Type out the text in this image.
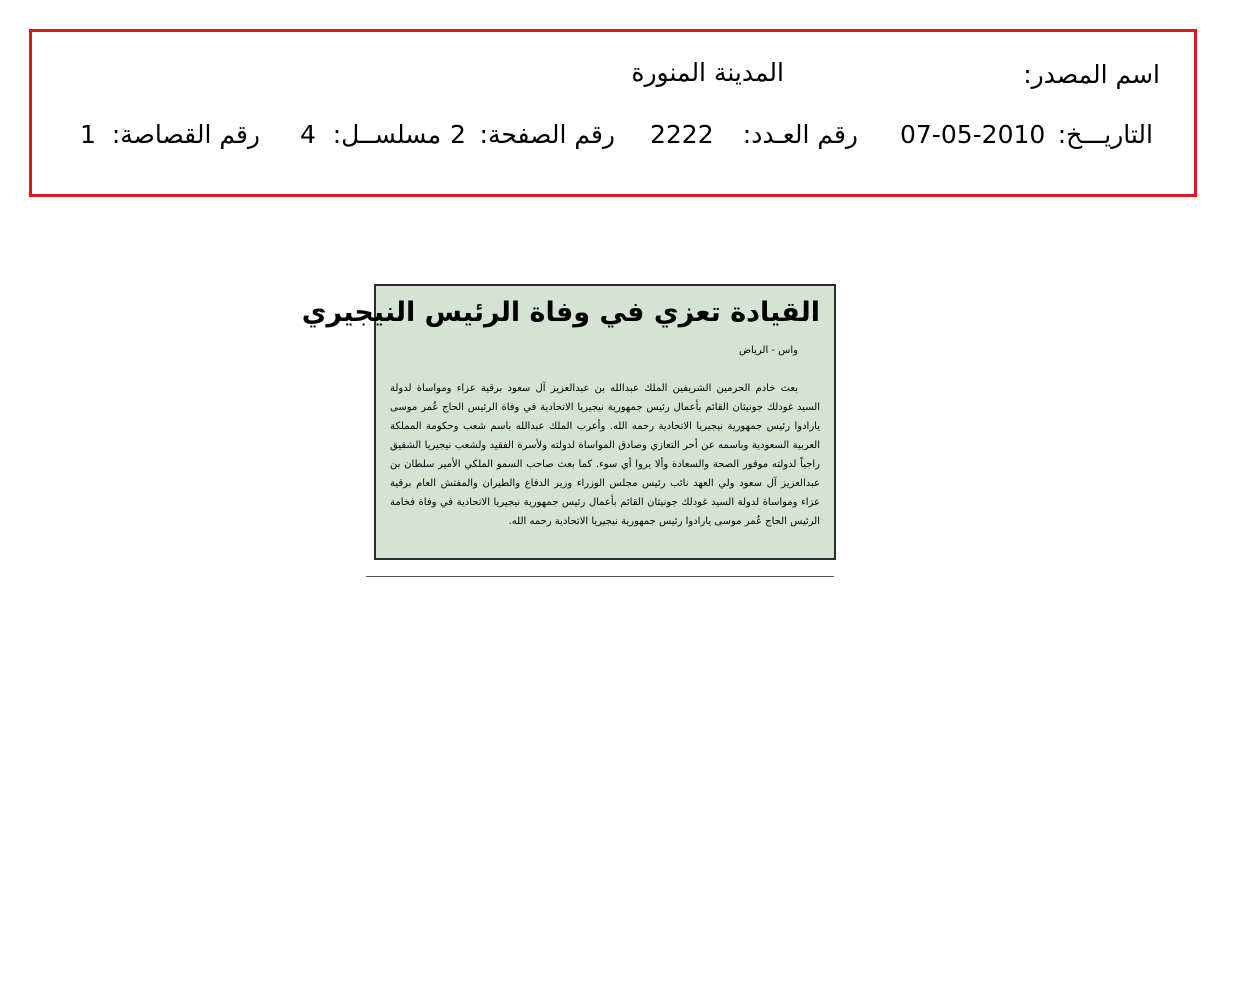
اسم المصدر:
المدينة المنورة
التاريـــخ:
07-05-2010
رقم العـدد:
2222
رقم الصفحة:
2
مسلســل:
4
رقم القصاصة:
1
القيادة تعزي في وفاة الرئيس النيجيري
واس - الرياض

بعث خادم الحرمين الشريفين الملك عبدالله بن عبدالعزيز آل سعود برقية عزاء ومواساة لدولة السيد غودلك جونيثان القائم بأعمال رئيس جمهورية نيجيريا الاتحادية في وفاة الرئيس الحاج عُمر موسى يارادوا رئيس جمهورية نيجيريا الاتحادية رحمه الله. وأعرب الملك عبدالله باسم شعب وحكومة المملكة العربية السعودية وباسمه عن أحر التعازي وصادق المواساة لدولته ولأسرة الفقيد ولشعب نيجيريا الشقيق راجياً لدولته موفور الصحة والسعادة وألا يروا أي سوء. كما بعث صاحب السمو الملكي الأمير سلطان بن عبدالعزيز آل سعود ولي العهد نائب رئيس مجلس الوزراء وزير الدفاع والطيران والمفتش العام برقية عزاء ومواساة لدولة السيد غودلك جونيثان القائم بأعمال رئيس جمهورية نيجيريا الاتحادية في وفاة فخامة الرئيس الحاج عُمر موسى يارادوا رئيس جمهورية نيجيريا الاتحادية رحمه الله.
